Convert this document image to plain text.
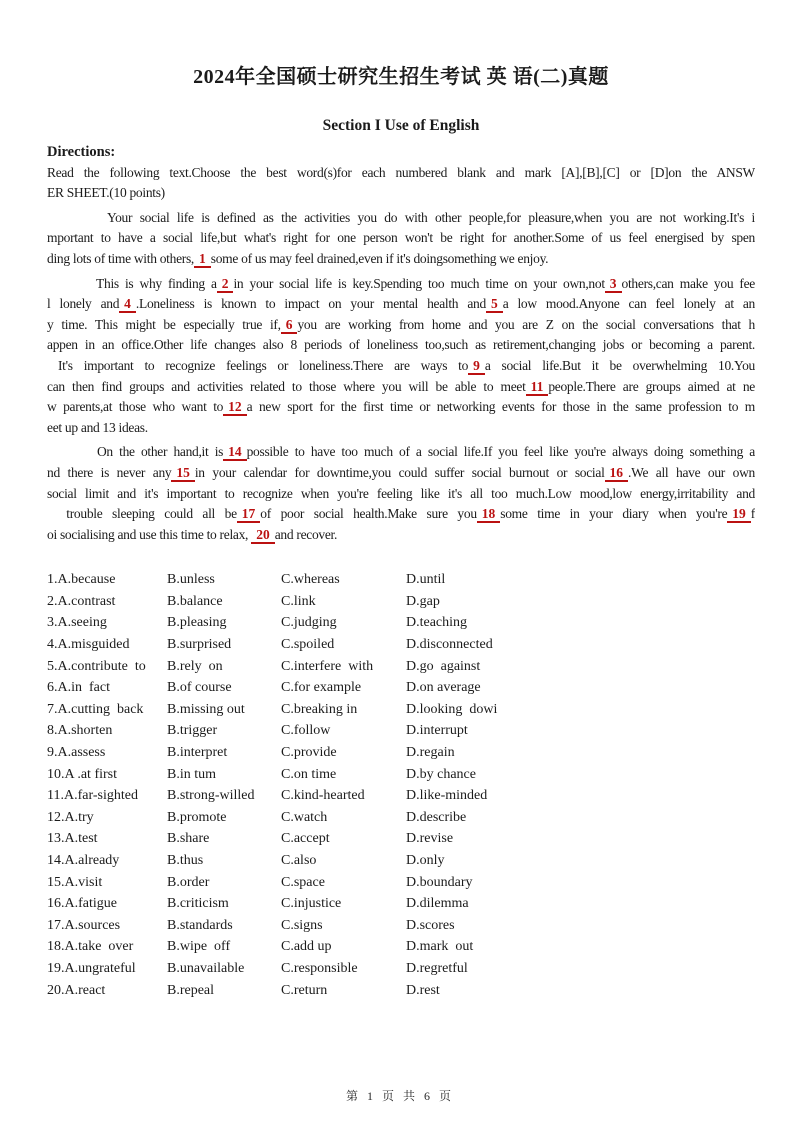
2024年全国硕士研究生招生考试 英 语(二)真题
Section I Use of English
Directions:
Read the following text.Choose the best word(s)for each numbered blank and mark [A],[B],[C] or [D]on the ANSW
ER SHEET.(10 points)
Your social life is defined as the activities you do with other people,for pleasure,when you are not working.It's i
mportant to have a social life,but what's right for one person won't be right for another.Some of us feel energised by spen
ding lots of time with others, 1 some of us may feel drained,even if it's doingsomething we enjoy.
This is why finding a 2 in your social life is key.Spending too much time on your own,not 3 others,can make you fee
l lonely and 4 .Loneliness is known to impact on your mental health and 5 a low mood.Anyone can feel lonely at an
y time. This might be especially true if, 6 you are working from home and you are Z on the social conversations that h
appen in an office.Other life changes also 8 periods of loneliness too,such as retirement,changing jobs or becoming a parent.
It's important to recognize feelings or loneliness.There are ways to 9 a social life.But it be overwhelming 10.You
can then find groups and activities related to those where you will be able to meet 11 people.There are groups aimed at ne
w parents,at those who want to 12 a new sport for the first time or networking events for those in the same profession to m
eet up and 13 ideas.
On the other hand,it is 14 possible to have too much of a social life.If you feel like you're always doing something a
nd there is never any 15 in your calendar for downtime,you could suffer social burnout or social 16 .We all have our own
social limit and it's important to recognize when you're feeling like it's all too much.Low mood,low energy,irritability and
trouble sleeping could all be 17 of poor social health.Make sure you 18 some time in your diary when you're 19 f
oi socialising and use this time to relax, 20 and recover.
1.A.because	B.unless	C.whereas	D.until
2.A.contrast	B.balance	C.link	D.gap
3.A.seeing	B.pleasing	C.judging	D.teaching
4.A.misguided	B.surprised	C.spoiled	D.disconnected
5.A.contribute  to	B.rely  on	C.interfere  with	D.go  against
6.A.in  fact	B.of course	C.for example	D.on average
7.A.cutting  back	B.missing out	C.breaking in	D.looking  dowi
8.A.shorten	B.trigger	C.follow	D.interrupt
9.A.assess	B.interpret	C.provide	D.regain
10.A .at first	B.in tum	C.on time	D.by chance
11.A.far-sighted	B.strong-willed	C.kind-hearted	D.like-minded
12.A.try	B.promote	C.watch	D.describe
13.A.test	B.share	C.accept	D.revise
14.A.already	B.thus	C.also	D.only
15.A.visit	B.order	C.space	D.boundary
16.A.fatigue	B.criticism	C.injustice	D.dilemma
17.A.sources	B.standards	C.signs	D.scores
18.A.take  over	B.wipe  off	C.add up	D.mark  out
19.A.ungrateful	B.unavailable	C.responsible	D.regretful
20.A.react	B.repeal	C.return	D.rest
第 1 页 共 6 页
